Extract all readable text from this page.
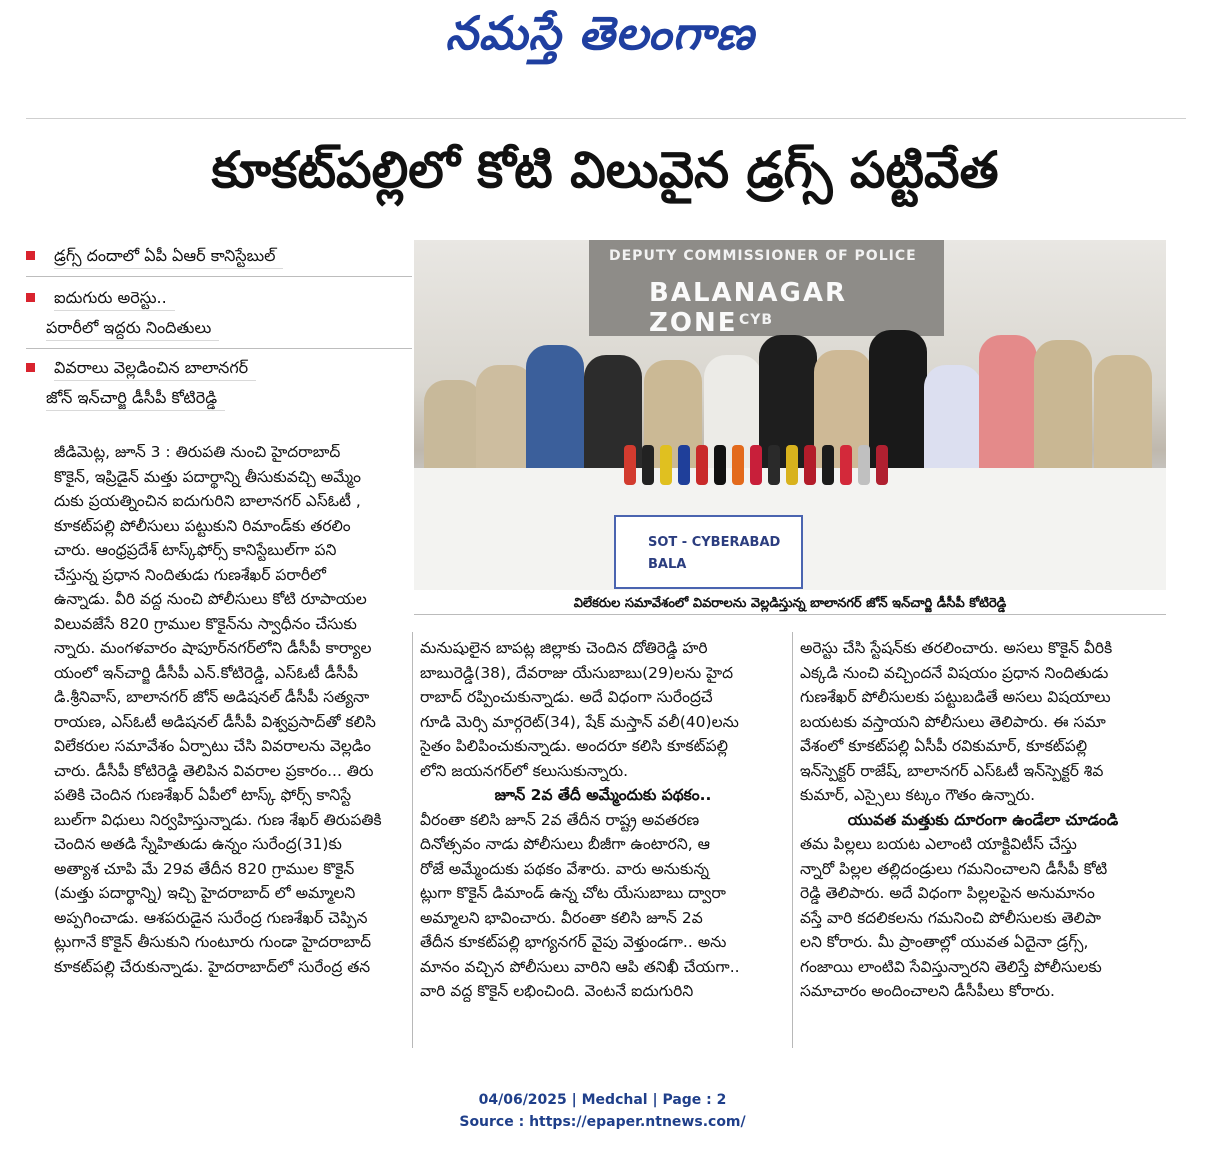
నమస్తే తెలంగాణ
కూకట్‌పల్లిలో కోటి విలువైన డ్రగ్స్ పట్టివేత
డ్రగ్స్ దందాలో ఏపీ ఏఆర్ కానిస్టేబుల్
ఐదుగురు అరెస్టు..
పరారీలో ఇద్దరు నిందితులు
వివరాలు వెల్లడించిన బాలానగర్
జోన్ ఇన్‌చార్జి డీసీపీ కోటిరెడ్డి
DEPUTY COMMISSIONER OF POLICE
BALANAGAR ZONE CYB
SOT - CYBERABAD
BALA
విలేకరుల సమావేశంలో వివరాలను వెల్లడిస్తున్న బాలానగర్ జోన్ ఇన్‌చార్జి డీసీపీ కోటిరెడ్డి
జీడిమెట్ల, జూన్ 3 : తిరుపతి నుంచి హైదరాబాద్
కొకైన్, ఇప్రిడైన్ మత్తు పదార్థాన్ని తీసుకువచ్చి అమ్మేం
దుకు ప్రయత్నించిన ఐదుగురిని బాలానగర్ ఎస్‌ఓటీ ,
కూకట్‌పల్లి పోలీసులు పట్టుకుని రిమాండ్‌కు తరలిం
చారు. ఆంధ్రప్రదేశ్ టాస్క్‌ఫోర్స్ కానిస్టేబుల్‌గా పని
చేస్తున్న ప్రధాన నిందితుడు గుణశేఖర్ పరారీలో
ఉన్నాడు. వీరి వద్ద నుంచి పోలీసులు కోటి రూపాయల
విలువజేసే 820 గ్రాముల కొకైన్‌ను స్వాధీనం చేసుకు
న్నారు. మంగళవారం షాపూర్‌నగర్‌లోని డీసీపీ కార్యాల
యంలో ఇన్‌చార్జి డీసీపీ ఎన్.కోటిరెడ్డి, ఎస్‌ఓటీ డీసీపీ
డి.శ్రీనివాస్, బాలానగర్ జోన్ అడిషనల్ డీసీపీ సత్యనా
రాయణ, ఎస్‌ఓటీ అడిషనల్ డీసీపీ విశ్వప్రసాద్‌తో కలిసి
విలేకరుల సమావేశం ఏర్పాటు చేసి వివరాలను వెల్లడిం
చారు. డీసీపీ కోటిరెడ్డి తెలిపిన వివరాల ప్రకారం... తిరు
పతికి చెందిన గుణశేఖర్ ఏపీలో టాస్క్ ఫోర్స్ కానిస్టే
బుల్‌గా విధులు నిర్వహిస్తున్నాడు. గుణ శేఖర్ తిరుపతికి
చెందిన అతడి స్నేహితుడు ఉన్నం సురేంద్ర(31)కు
అత్యాశ చూపి మే 29వ తేదీన 820 గ్రాముల కొకైన్
(మత్తు పదార్థాన్ని) ఇచ్చి హైదరాబాద్ లో అమ్మాలని
అప్పగించాడు. ఆశపరుడైన సురేంద్ర గుణశేఖర్ చెప్పిన
ట్లుగానే కొకైన్ తీసుకుని గుంటూరు గుండా హైదరాబాద్
కూకట్‌పల్లి చేరుకున్నాడు. హైదరాబాద్‌లో సురేంద్ర తన
మనుషులైన బాపట్ల జిల్లాకు చెందిన దోతిరెడ్డి హరి
బాబురెడ్డి(38), దేవరాజు యేసుబాబు(29)లను హైద
రాబాద్ రప్పించుకున్నాడు. అదే విధంగా సురేంద్రచే
గూడి మెర్సి మార్గరెట్(34), షేక్ మస్తాన్ వలీ(40)లను
సైతం పిలిపించుకున్నాడు. అందరూ కలిసి కూకట్‌పల్లి
లోని జయనగర్‌లో కలుసుకున్నారు.
జూన్ 2వ తేదీ అమ్మేందుకు పథకం..
వీరంతా కలిసి జూన్ 2వ తేదీన రాష్ట్ర అవతరణ
దినోత్సవం నాడు పోలీసులు బీజీగా ఉంటారని, ఆ
రోజే అమ్మేందుకు పథకం వేశారు. వారు అనుకున్న
ట్లుగా కొకైన్ డిమాండ్ ఉన్న చోట యేసుబాబు ద్వారా
అమ్మాలని భావించారు. వీరంతా కలిసి జూన్ 2వ
తేదీన కూకట్‌పల్లి భాగ్యనగర్ వైపు వెళ్తుండగా.. అను
మానం వచ్చిన పోలీసులు వారిని ఆపి తనిఖీ చేయగా..
వారి వద్ద కొకైన్ లభించింది. వెంటనే ఐదుగురిని
అరెస్టు చేసి స్టేషన్‌కు తరలించారు. అసలు కొకైన్ వీరికి
ఎక్కడి నుంచి వచ్చిందనే విషయం ప్రధాన నిందితుడు
గుణశేఖర్ పోలీసులకు పట్టుబడితే అసలు విషయాలు
బయటకు వస్తాయని పోలీసులు తెలిపారు. ఈ సమా
వేశంలో కూకట్‌పల్లి ఏసీపీ రవికుమార్, కూకట్‌పల్లి
ఇన్‌స్పెక్టర్ రాజేష్, బాలానగర్ ఎస్‌ఓటీ ఇన్‌స్పెక్టర్ శివ
కుమార్, ఎస్సైలు కట్కం గౌతం ఉన్నారు.
యువత మత్తుకు దూరంగా ఉండేలా చూడండి
తమ పిల్లలు బయట ఎలాంటి యాక్టివిటీస్ చేస్తు
న్నారో పిల్లల తల్లిదండ్రులు గమనించాలని డీసీపీ కోటి
రెడ్డి తెలిపారు. అదే విధంగా పిల్లలపైన అనుమానం
వస్తే వారి కదలికలను గమనించి పోలీసులకు తెలిపా
లని కోరారు. మీ ప్రాంతాల్లో యువత ఏదైనా డ్రగ్స్,
గంజాయి లాంటివి సేవిస్తున్నారని తెలిస్తే పోలీసులకు
సమాచారం అందించాలని డీసీపీలు కోరారు.
04/06/2025 | Medchal | Page : 2
Source : https://epaper.ntnews.com/
